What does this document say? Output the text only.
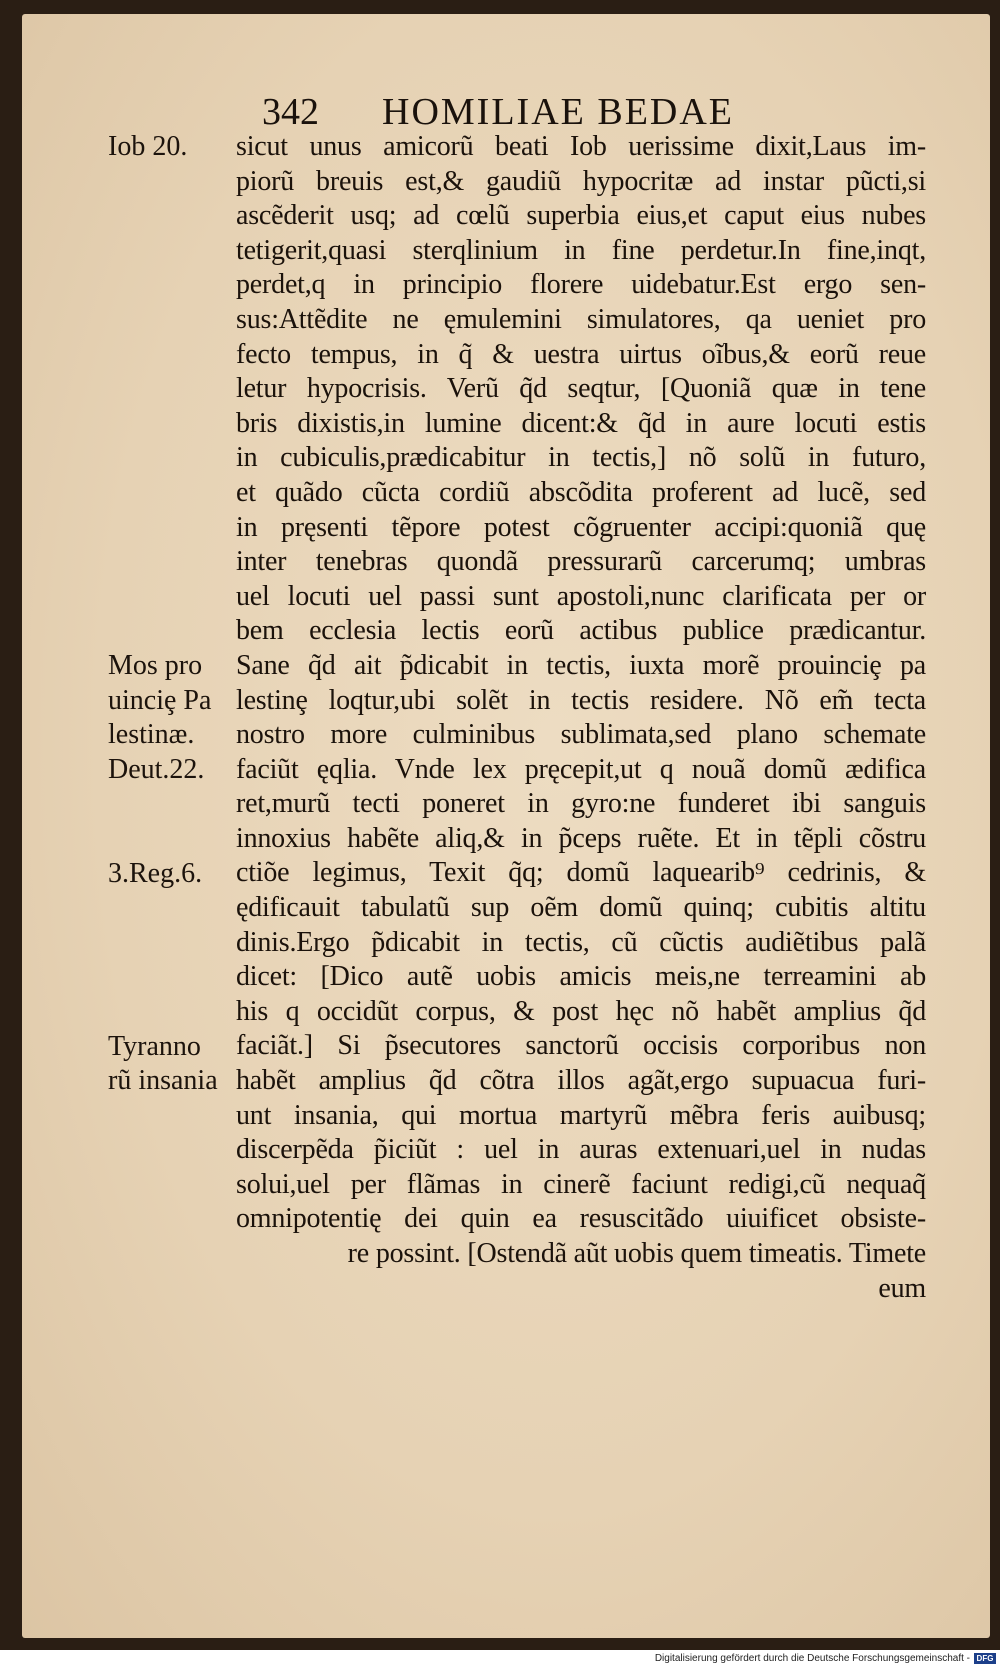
342 HOMILIAE BEDAE
Iob 20.
Mos pro
uinciȩ Pa
lestinæ.
Deut.22.
3.Reg.6.
Tyranno
rũ insania
sicut unus amicorũ beati Iob uerissime dixit,Laus im-
piorũ breuis est,& gaudiũ hypocritæ ad instar pũcti,si
ascẽderit usq; ad cœlũ superbia eius,et caput eius nubes
tetigerit,quasi sterqlinium in fine perdetur.In fine,inqt,
perdet,q in principio florere uidebatur.Est ergo sen-
sus:Attẽdite ne ęmulemini simulatores, qa ueniet pro
fecto tempus, in q̃ & uestra uirtus oĩbus,& eorũ reue
letur hypocrisis. Verũ q̃d seqtur, [Quoniã quæ in tene
bris dixistis,in lumine dicent:& q̃d in aure locuti estis
in cubiculis,prædicabitur in tectis,] nõ solũ in futuro,
et quãdo cũcta cordiũ abscõdita proferent ad lucẽ, sed
in pręsenti tẽpore potest cõgruenter accipi:quoniã quę
inter tenebras quondã pressurarũ carcerumq; umbras
uel locuti uel passi sunt apostoli,nunc clarificata per or
bem ecclesia lectis eorũ actibus publice prædicantur.
Sane q̃d ait p̃dicabit in tectis, iuxta morẽ prouinciȩ pa
lestinȩ loqtur,ubi solẽt in tectis residere. Nõ em̃ tecta
nostro more culminibus sublimata,sed plano schemate
faciũt ęqlia. Vnde lex pręcepit,ut q nouã domũ ædifica
ret,murũ tecti poneret in gyro:ne funderet ibi sanguis
innoxius habẽte aliq,& in p̃ceps ruẽte. Et in tẽpli cõstru
ctiõe legimus, Texit q̃q; domũ laquearib⁹ cedrinis, &
ędificauit tabulatũ sup oẽm domũ quinq; cubitis altitu
dinis.Ergo p̃dicabit in tectis, cũ cũctis audiẽtibus palã
dicet: [Dico autẽ uobis amicis meis,ne terreamini ab
his q occidũt corpus, & post hęc nõ habẽt amplius q̃d
faciãt.] Si p̃secutores sanctorũ occisis corporibus non
habẽt amplius q̃d cõtra illos agãt,ergo supuacua furi-
unt insania, qui mortua martyrũ mẽbra feris auibusq;
discerpẽda p̃iciũt : uel in auras extenuari,uel in nudas
solui,uel per flãmas in cinerẽ faciunt redigi,cũ nequaq̃
omnipotentię dei quin ea resuscitãdo uiuificet obsiste-
re possint. [Ostendã aũt uobis quem timeatis. Timete
eum
Digitalisierung gefördert durch die Deutsche Forschungsgemeinschaft - DFG
